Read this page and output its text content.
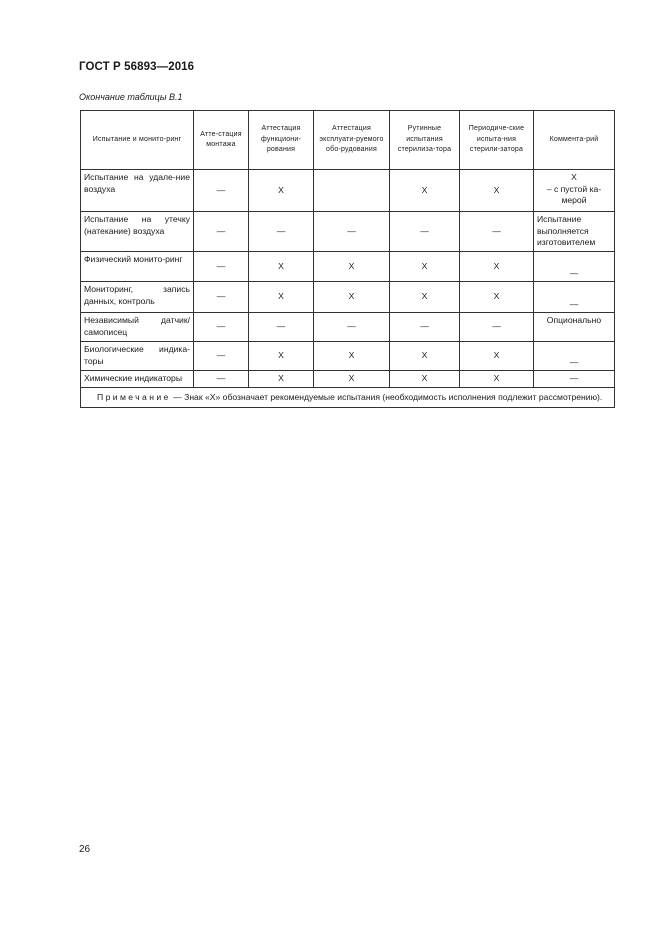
ГОСТ Р 56893—2016
Окончание таблицы В.1
Испытание и монито-ринг	Атте-стация монтажа	Аттестация функциони-рования	Аттестация эксплуати-руемого обо-рудования	Рутинные испытания стерилиза-тора	Периодиче-ские испыта-ния стерили-затора	Коммента-рий
Испытание на удале-ние воздуха	—	X		X	X	X
– с пустой ка-мерой
Испытание на утечку (натекание) воздуха	—	—	—	—	—	Испытание выполняется изготовителем
Физический монито-ринг	—	X	X	X	X	—
Мониторинг, запись данных, контроль	—	X	X	X	X	—
Независимый датчик/ самописец	—	—	—	—	—	Опционально
Биологические индика-торы	—	X	X	X	X	—
Химические индикаторы	—	X	X	X	X	—
Примечание — Знак «X» обозначает рекомендуемые испытания (необходимость исполнения подлежит рассмотрению).						
26
